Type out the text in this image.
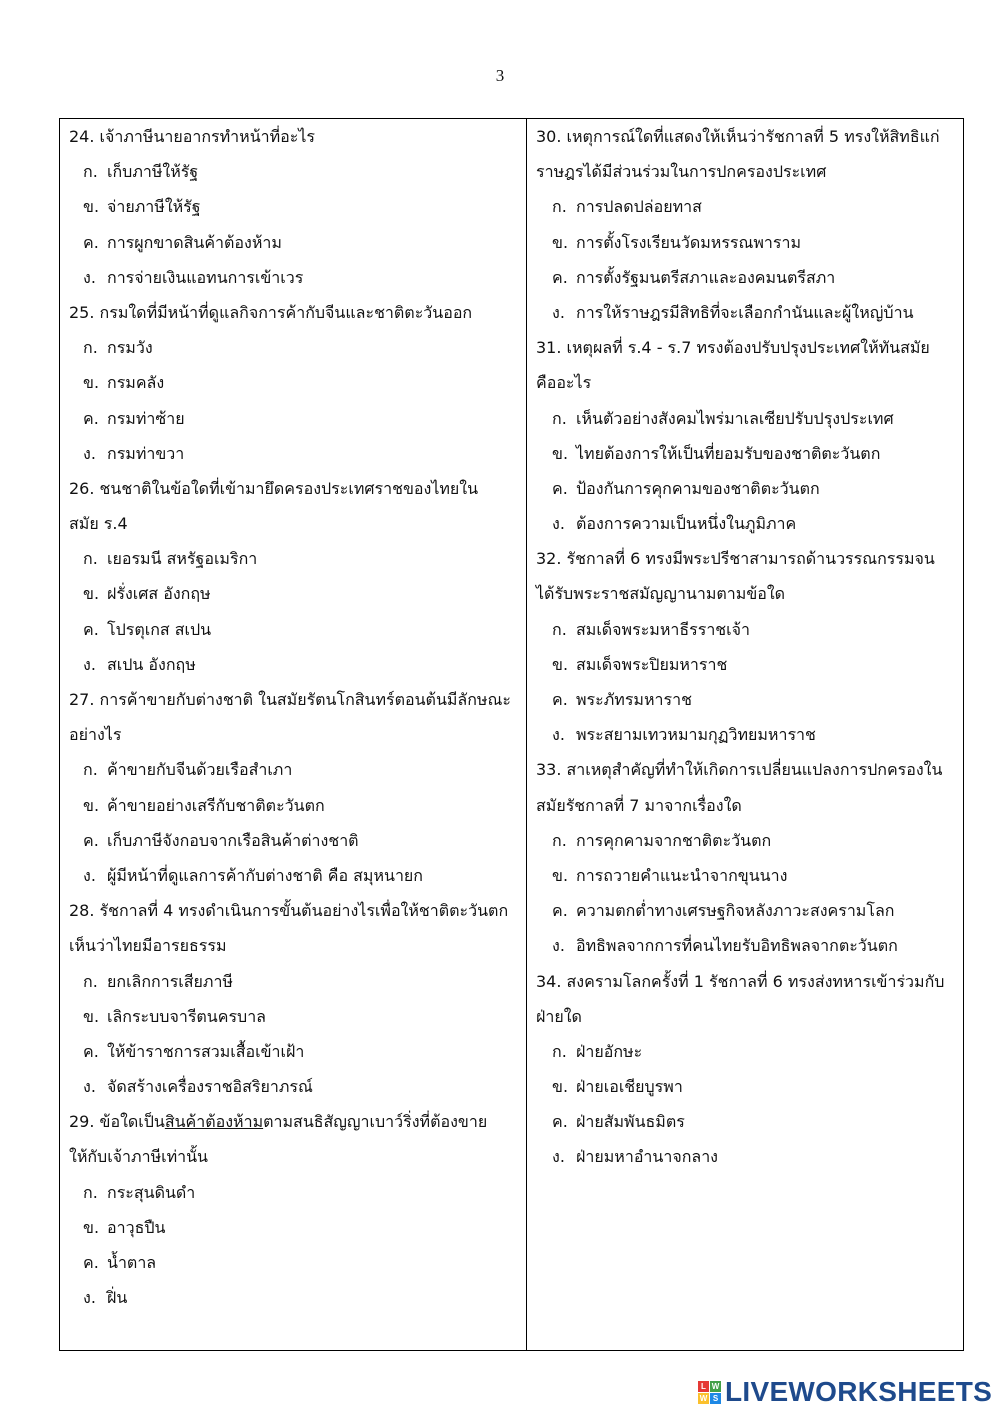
3
24. เจ้าภาษีนายอากรทำหน้าที่อะไร
ก. เก็บภาษีให้รัฐ
ข. จ่ายภาษีให้รัฐ
ค. การผูกขาดสินค้าต้องห้าม
ง. การจ่ายเงินแอทนการเข้าเวร
25. กรมใดที่มีหน้าที่ดูแลกิจการค้ากับจีนและชาติตะวันออก
ก. กรมวัง
ข. กรมคลัง
ค. กรมท่าซ้าย
ง. กรมท่าขวา
26. ชนชาติในข้อใดที่เข้ามายึดครองประเทศราชของไทยใน
สมัย ร.4
ก. เยอรมนี สหรัฐอเมริกา
ข. ฝรั่งเศส อังกฤษ
ค. โปรตุเกส สเปน
ง. สเปน อังกฤษ
27. การค้าขายกับต่างชาติ ในสมัยรัตนโกสินทร์ตอนต้นมีลักษณะ
อย่างไร
ก. ค้าขายกับจีนด้วยเรือสำเภา
ข. ค้าขายอย่างเสรีกับชาติตะวันตก
ค. เก็บภาษีจังกอบจากเรือสินค้าต่างชาติ
ง. ผู้มีหน้าที่ดูแลการค้ากับต่างชาติ คือ สมุหนายก
28. รัชกาลที่ 4 ทรงดำเนินการขั้นต้นอย่างไรเพื่อให้ชาติตะวันตก
เห็นว่าไทยมีอารยธรรม
ก. ยกเลิกการเสียภาษี
ข. เลิกระบบจารีตนครบาล
ค. ให้ข้าราชการสวมเสื้อเข้าเฝ้า
ง. จัดสร้างเครื่องราชอิสริยาภรณ์
29. ข้อใดเป็นสินค้าต้องห้ามตามสนธิสัญญาเบาว์ริ่งที่ต้องขาย
ให้กับเจ้าภาษีเท่านั้น
ก. กระสุนดินดำ
ข. อาวุธปืน
ค. น้ำตาล
ง. ฝิ่น
30. เหตุการณ์ใดที่แสดงให้เห็นว่ารัชกาลที่ 5 ทรงให้สิทธิแก่
ราษฎรได้มีส่วนร่วมในการปกครองประเทศ
ก. การปลดปล่อยทาส
ข. การตั้งโรงเรียนวัดมหรรณพาราม
ค. การตั้งรัฐมนตรีสภาและองคมนตรีสภา
ง. การให้ราษฎรมีสิทธิที่จะเลือกกำนันและผู้ใหญ่บ้าน
31. เหตุผลที่ ร.4 - ร.7 ทรงต้องปรับปรุงประเทศให้ทันสมัย
คืออะไร
ก. เห็นตัวอย่างสังคมไพร่มาเลเซียปรับปรุงประเทศ
ข. ไทยต้องการให้เป็นที่ยอมรับของชาติตะวันตก
ค. ป้องกันการคุกคามของชาติตะวันตก
ง. ต้องการความเป็นหนึ่งในภูมิภาค
32. รัชกาลที่ 6 ทรงมีพระปรีชาสามารถด้านวรรณกรรมจน
ได้รับพระราชสมัญญานามตามข้อใด
ก. สมเด็จพระมหาธีรราชเจ้า
ข. สมเด็จพระปิยมหาราช
ค. พระภัทรมหาราช
ง. พระสยามเทวหมามกุฏวิทยมหาราช
33. สาเหตุสำคัญที่ทำให้เกิดการเปลี่ยนแปลงการปกครองใน
สมัยรัชกาลที่ 7 มาจากเรื่องใด
ก. การคุกคามจากชาติตะวันตก
ข. การถวายคำแนะนำจากขุนนาง
ค. ความตกต่ำทางเศรษฐกิจหลังภาวะสงครามโลก
ง. อิทธิพลจากการที่คนไทยรับอิทธิพลจากตะวันตก
34. สงครามโลกครั้งที่ 1 รัชกาลที่ 6 ทรงส่งทหารเข้าร่วมกับ
ฝ่ายใด
ก. ฝ่ายอักษะ
ข. ฝ่ายเอเชียบูรพา
ค. ฝ่ายสัมพันธมิตร
ง. ฝ่ายมหาอำนาจกลาง
L W
W S LIVEWORKSHEETS
